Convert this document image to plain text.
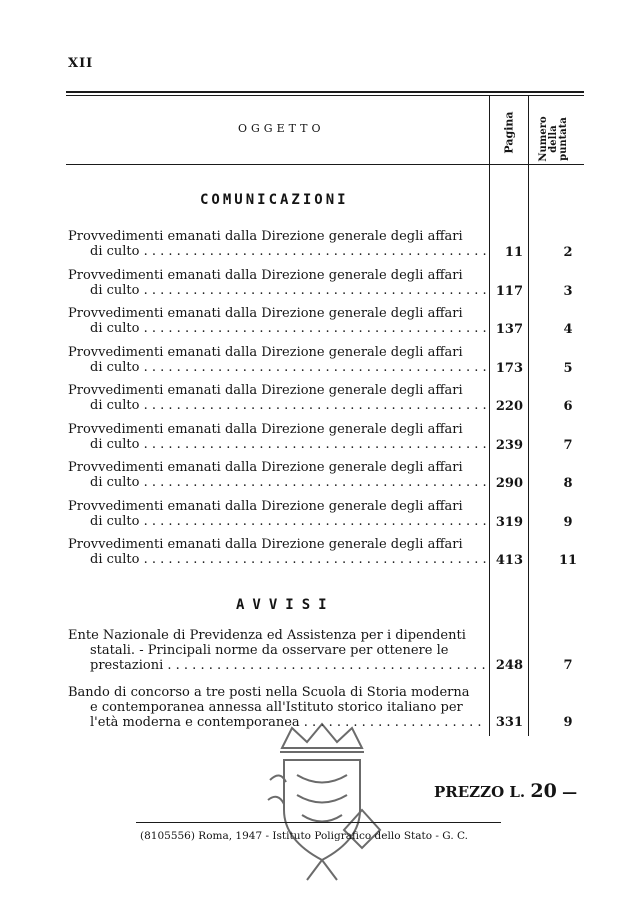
XII
OGGETTO	Pagina Numero della puntata
COMUNICAZIONI
Provvedimenti emanati dalla Direzione generale degli affari
di culto . . .	11	2
Provvedimenti emanati dalla Direzione generale degli affari
di culto . . .	117	3
Provvedimenti emanati dalla Direzione generale degli affari
di culto . . .	137	4
Provvedimenti emanati dalla Direzione generale degli affari
di culto . . .	173	5
Provvedimenti emanati dalla Direzione generale degli affari
di culto . . .	220	6
Provvedimenti emanati dalla Direzione generale degli affari
di culto . . .	239	7
Provvedimenti emanati dalla Direzione generale degli affari
di culto . . .	290	8
Provvedimenti emanati dalla Direzione generale degli affari
di culto . . .	319	9
Provvedimenti emanati dalla Direzione generale degli affari
di culto . . .	413	11
AVVISI
Ente Nazionale di Previdenza ed Assistenza per i dipendenti
statali. - Principali norme da osservare per ottenere le
prestazioni . . .	248	7
Bando di concorso a tre posti nella Scuola di Storia moderna
e contemporanea annessa all'Istituto storico italiano per
l'età moderna e contemporanea . . .	331	9
PREZZO L. 20 —
(8105556) Roma, 1947 - Istituto Poligrafico dello Stato - G. C.
